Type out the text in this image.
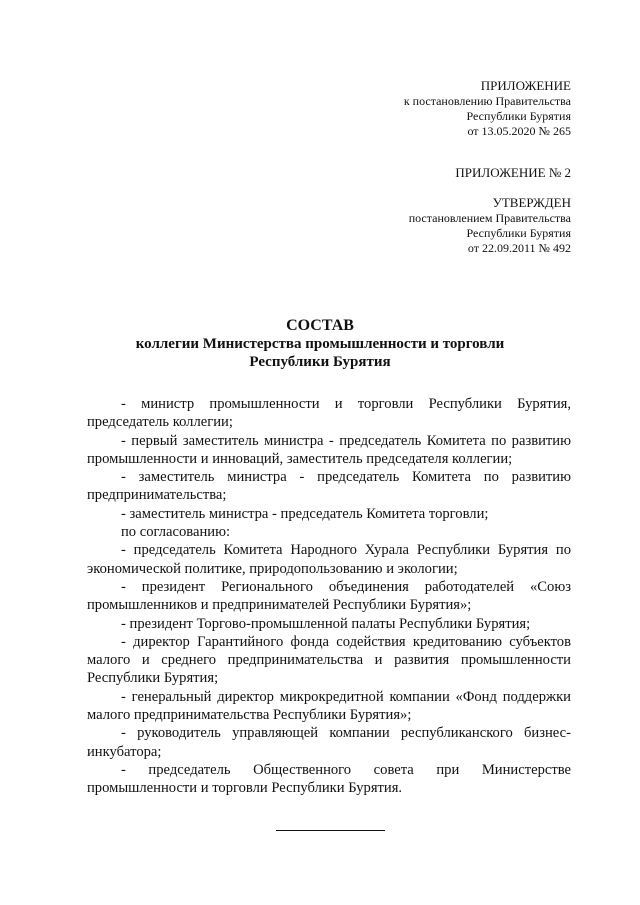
ПРИЛОЖЕНИЕ
к постановлению Правительства
Республики Бурятия
от 13.05.2020 № 265
ПРИЛОЖЕНИЕ № 2
УТВЕРЖДЕН
постановлением Правительства
Республики Бурятия
от 22.09.2011 № 492
СОСТАВ
коллегии Министерства промышленности и торговли
Республики Бурятия

- министр промышленности и торговли Республики Бурятия, председатель коллегии;

- первый заместитель министра - председатель Комитета по развитию промышленности и инноваций, заместитель председателя коллегии;

- заместитель министра - председатель Комитета по развитию предпринимательства;

- заместитель министра - председатель Комитета торговли;

по согласованию:

- председатель Комитета Народного Хурала Республики Бурятия по экономической политике, природопользованию и экологии;

- президент Регионального объединения работодателей «Союз промышленников и предпринимателей Республики Бурятия»;

- президент Торгово-промышленной палаты Республики Бурятия;

- директор Гарантийного фонда содействия кредитованию субъектов малого и среднего предпринимательства и развития промышленности Республики Бурятия;

- генеральный директор микрокредитной компании «Фонд поддержки малого предпринимательства Республики Бурятия»;

- руководитель управляющей компании республиканского бизнес-инкубатора;

- председатель Общественного совета при Министерстве промышленности и торговли Республики Бурятия.
